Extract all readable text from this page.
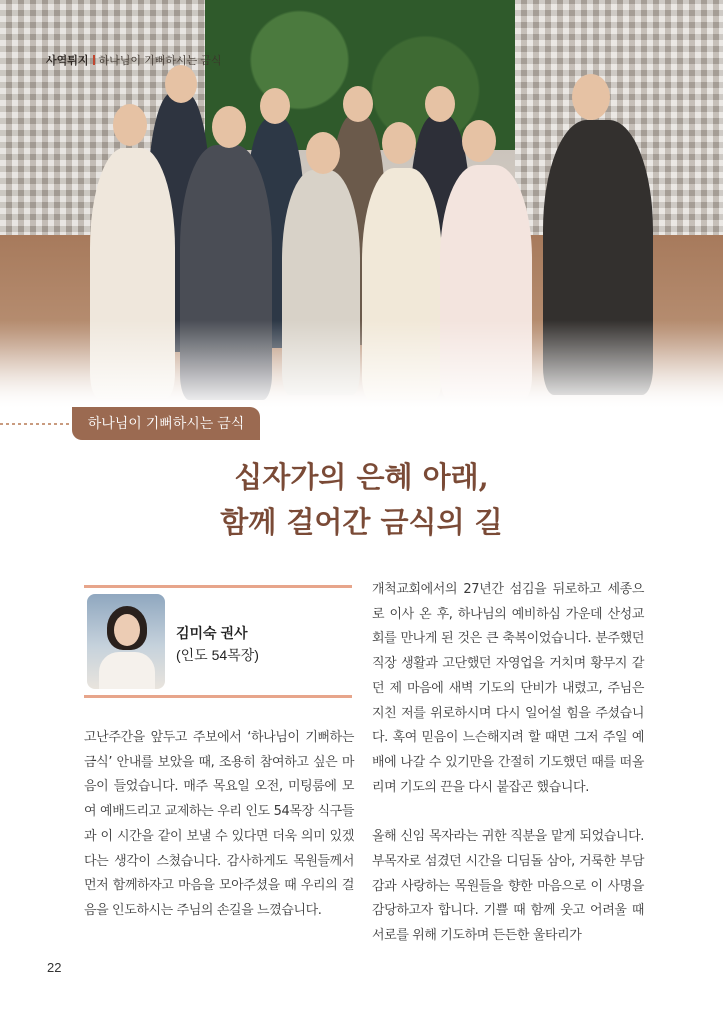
사역튀지 하나님이 기뻐하시는 금식
하나님이 기뻐하시는 금식
십자가의 은혜 아래,
함께 걸어간 금식의 길
김미숙 권사
(인도 54목장)

고난주간을 앞두고 주보에서 ‘하나님이 기뻐하는 금식’ 안내를 보았을 때, 조용히 참여하고 싶은 마음이 들었습니다. 매주 목요일 오전, 미팅룸에 모여 예배드리고 교제하는 우리 인도 54목장 식구들과 이 시간을 같이 보낼 수 있다면 더욱 의미 있겠다는 생각이 스쳤습니다. 감사하게도 목원들께서 먼저 함께하자고 마음을 모아주셨을 때 우리의 걸음을 인도하시는 주님의 손길을 느꼈습니다.

개척교회에서의 27년간 섬김을 뒤로하고 세종으로 이사 온 후, 하나님의 예비하심 가운데 산성교회를 만나게 된 것은 큰 축복이었습니다. 분주했던 직장 생활과 고단했던 자영업을 거치며 황무지 같던 제 마음에 새벽 기도의 단비가 내렸고, 주님은 지친 저를 위로하시며 다시 일어설 힘을 주셨습니다. 혹여 믿음이 느슨해지려 할 때면 그저 주일 예배에 나갈 수 있기만을 간절히 기도했던 때를 떠올리며 기도의 끈을 다시 붙잡곤 했습니다.

올해 신임 목자라는 귀한 직분을 맡게 되었습니다. 부목자로 섬겼던 시간을 디딤돌 삼아, 거룩한 부담감과 사랑하는 목원들을 향한 마음으로 이 사명을 감당하고자 합니다. 기쁠 때 함께 웃고 어려울 때 서로를 위해 기도하며 든든한 울타리가

22
